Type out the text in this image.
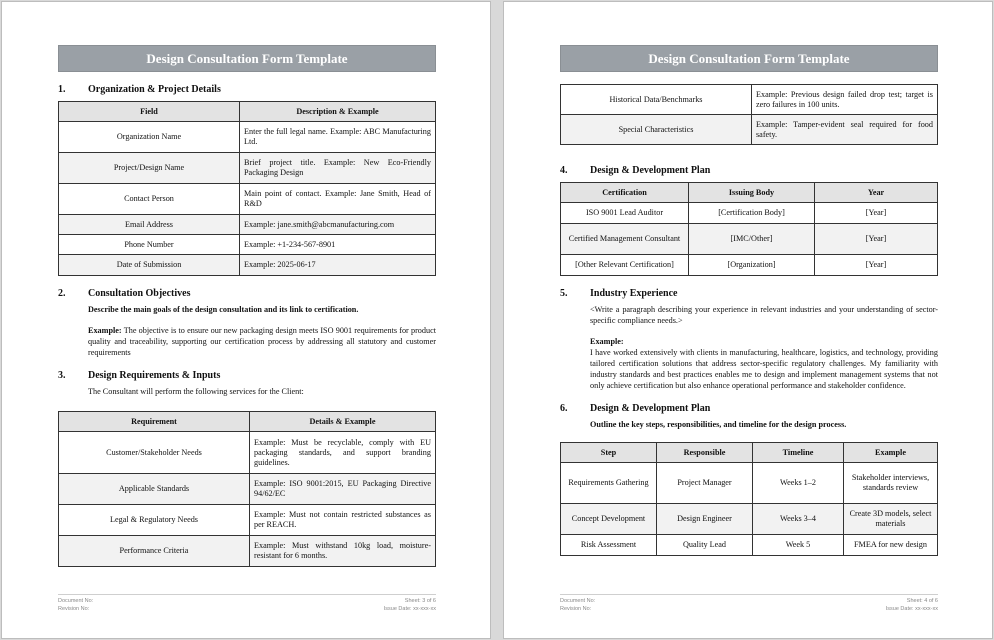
Design Consultation Form Template
1.	Organization & Project Details
Field	Description & Example
Organization Name	Enter the full legal name. Example: ABC Manufacturing Ltd.
Project/Design Name	Brief project title. Example: New Eco-Friendly Packaging Design
Contact Person	Main point of contact. Example: Jane Smith, Head of R&D
Email Address	Example: jane.smith@abcmanufacturing.com
Phone Number	Example: +1-234-567-8901
Date of Submission	Example: 2025-06-17
2.	Consultation Objectives
Describe the main goals of the design consultation and its link to certification.
Example: The objective is to ensure our new packaging design meets ISO 9001 requirements for product quality and traceability, supporting our certification process by addressing all statutory and customer requirements
3.	Design Requirements & Inputs
The Consultant will perform the following services for the Client:
Requirement	Details & Example
Customer/Stakeholder Needs	Example: Must be recyclable, comply with EU packaging standards, and support branding guidelines.
Applicable Standards	Example: ISO 9001:2015, EU Packaging Directive 94/62/EC
Legal & Regulatory Needs	Example: Must not contain restricted substances as per REACH.
Performance Criteria	Example: Must withstand 10kg load, moisture-resistant for 6 months.
Document No:	Sheet: 3 of 6
Revision No:	Issue Date: xx-xxx-xx
Design Consultation Form Template
Historical Data/Benchmarks	Example: Previous design failed drop test; target is zero failures in 100 units.
Special Characteristics	Example: Tamper-evident seal required for food safety.
4.	Design & Development Plan
Certification	Issuing Body	Year
ISO 9001 Lead Auditor	[Certification Body]	[Year]
Certified Management Consultant	[IMC/Other]	[Year]
[Other Relevant Certification]	[Organization]	[Year]
5.	Industry Experience
<Write a paragraph describing your experience in relevant industries and your understanding of sector-specific compliance needs.>
Example:
I have worked extensively with clients in manufacturing, healthcare, logistics, and technology, providing tailored certification solutions that address sector-specific regulatory challenges. My familiarity with industry standards and best practices enables me to design and implement management systems that not only achieve certification but also enhance operational performance and stakeholder confidence.
6.	Design & Development Plan
Outline the key steps, responsibilities, and timeline for the design process.
Step	Responsible	Timeline	Example
Requirements Gathering	Project Manager	Weeks 1–2	Stakeholder interviews, standards review
Concept Development	Design Engineer	Weeks 3–4	Create 3D models, select materials
Risk Assessment	Quality Lead	Week 5	FMEA for new design
Document No:	Sheet: 4 of 6
Revision No:	Issue Date: xx-xxx-xx
